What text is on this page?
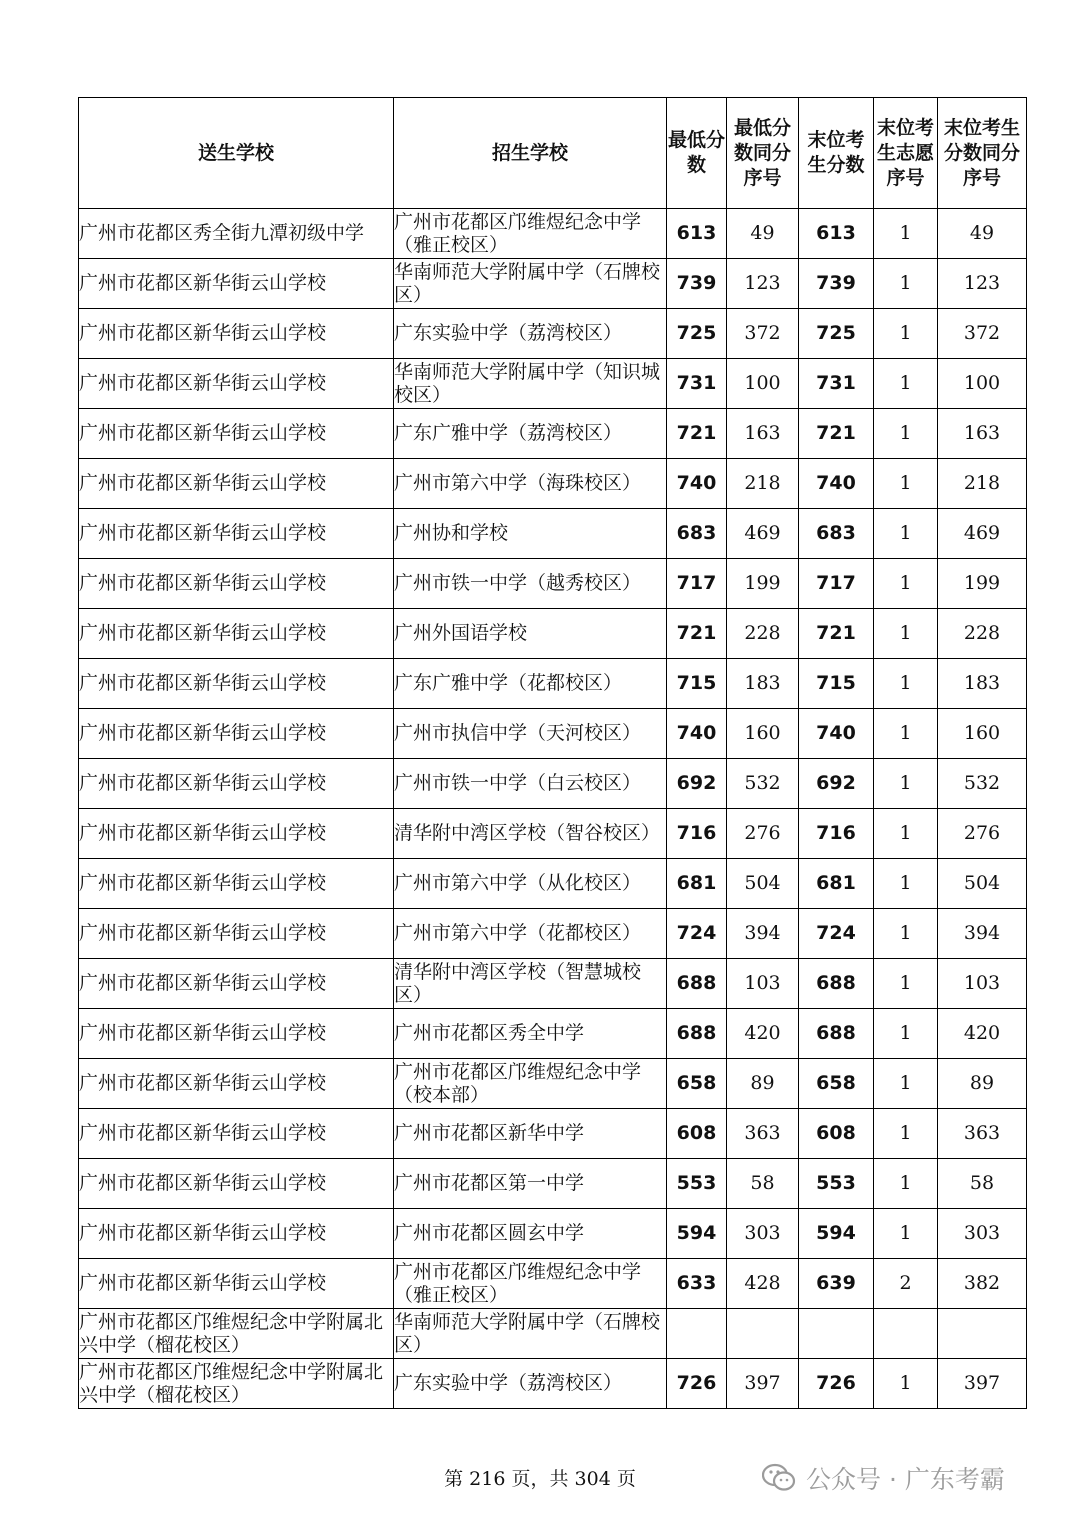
送生学校	招生学校	最低分数	最低分数同分序号	末位考生分数	末位考生志愿序号	末位考生分数同分序号
广州市花都区秀全街九潭初级中学	广州市花都区邝维煜纪念中学（雅正校区）	613	49	613	1	49
广州市花都区新华街云山学校	华南师范大学附属中学（石牌校区）	739	123	739	1	123
广州市花都区新华街云山学校	广东实验中学（荔湾校区）	725	372	725	1	372
广州市花都区新华街云山学校	华南师范大学附属中学（知识城校区）	731	100	731	1	100
广州市花都区新华街云山学校	广东广雅中学（荔湾校区）	721	163	721	1	163
广州市花都区新华街云山学校	广州市第六中学（海珠校区）	740	218	740	1	218
广州市花都区新华街云山学校	广州协和学校	683	469	683	1	469
广州市花都区新华街云山学校	广州市铁一中学（越秀校区）	717	199	717	1	199
广州市花都区新华街云山学校	广州外国语学校	721	228	721	1	228
广州市花都区新华街云山学校	广东广雅中学（花都校区）	715	183	715	1	183
广州市花都区新华街云山学校	广州市执信中学（天河校区）	740	160	740	1	160
广州市花都区新华街云山学校	广州市铁一中学（白云校区）	692	532	692	1	532
广州市花都区新华街云山学校	清华附中湾区学校（智谷校区）	716	276	716	1	276
广州市花都区新华街云山学校	广州市第六中学（从化校区）	681	504	681	1	504
广州市花都区新华街云山学校	广州市第六中学（花都校区）	724	394	724	1	394
广州市花都区新华街云山学校	清华附中湾区学校（智慧城校区）	688	103	688	1	103
广州市花都区新华街云山学校	广州市花都区秀全中学	688	420	688	1	420
广州市花都区新华街云山学校	广州市花都区邝维煜纪念中学（校本部）	658	89	658	1	89
广州市花都区新华街云山学校	广州市花都区新华中学	608	363	608	1	363
广州市花都区新华街云山学校	广州市花都区第一中学	553	58	553	1	58
广州市花都区新华街云山学校	广州市花都区圆玄中学	594	303	594	1	303
广州市花都区新华街云山学校	广州市花都区邝维煜纪念中学（雅正校区）	633	428	639	2	382
广州市花都区邝维煜纪念中学附属北兴中学（榴花校区）	华南师范大学附属中学（石牌校区）					
广州市花都区邝维煜纪念中学附属北兴中学（榴花校区）	广东实验中学（荔湾校区）	726	397	726	1	397
第 216 页，共 304 页	公众号 · 广东考霸
